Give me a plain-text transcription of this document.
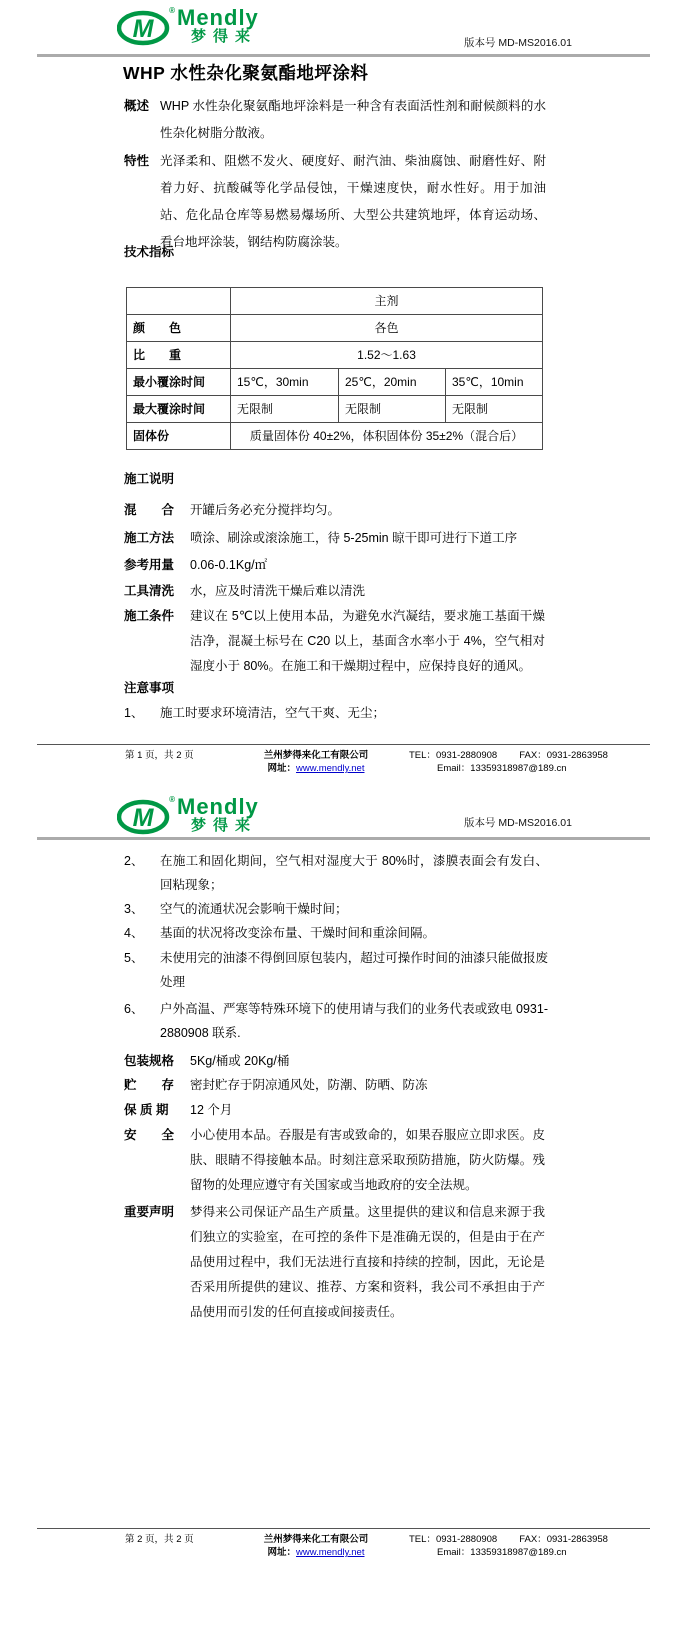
M
® Mendly
梦得来	版本号 MD-MS2016.01
WHP 水性杂化聚氨酯地坪涂料
概述 WHP 水性杂化聚氨酯地坪涂料是一种含有表面活性剂和耐候颜料的水性杂化树脂分散液。
特性 光泽柔和、阻燃不发火、硬度好、耐汽油、柴油腐蚀、耐磨性好、附着力好、抗酸碱等化学品侵蚀，干燥速度快，耐水性好。用于加油站、危化品仓库等易燃易爆场所、大型公共建筑地坪，体育运动场、看台地坪涂装，钢结构防腐涂装。
技术指标
	主剂		
颜　　色	各色		
比　　重	1.52～1.63		
最小覆涂时间	15℃，30min	25℃，20min	35℃，10min
最大覆涂时间	无限制	无限制	无限制
固体份	质量固体份 40±2%，体积固体份 35±2%（混合后）		
施工说明
混　　合	开罐后务必充分搅拌均匀。
施工方法	喷涂、刷涂或滚涂施工，待 5-25min 晾干即可进行下道工序
参考用量	0.06-0.1Kg/㎡
工具清洗	水，应及时清洗干燥后难以清洗
施工条件	建议在 5℃以上使用本品，为避免水汽凝结，要求施工基面干燥洁净，混凝土标号在 C20 以上，基面含水率小于 4%，空气相对湿度小于 80%。在施工和干燥期过程中，应保持良好的通风。
注意事项
1、	施工时要求环境清洁，空气干爽、无尘；
第 1 页，共 2 页	兰州梦得来化工有限公司
网址：www.mendly.net
TEL：0931-2880908 FAX：0931-2863958
Email：13359318987@189.cn
M
® Mendly
梦得来	版本号 MD-MS2016.01
2、	在施工和固化期间，空气相对湿度大于 80%时，漆膜表面会有发白、回粘现象；
3、	空气的流通状况会影响干燥时间；
4、	基面的状况将改变涂布量、干燥时间和重涂间隔。
5、	未使用完的油漆不得倒回原包装内，超过可操作时间的油漆只能做报废处理
6、	户外高温、严寒等特殊环境下的使用请与我们的业务代表或致电 0931-2880908 联系.
包装规格	5Kg/桶或 20Kg/桶
贮　　存	密封贮存于阴凉通风处，防潮、防晒、防冻
保 质 期	12 个月
安　　全	小心使用本品。吞服是有害或致命的，如果吞服应立即求医。皮肤、眼睛不得接触本品。时刻注意采取预防措施，防火防爆。残留物的处理应遵守有关国家或当地政府的安全法规。
重要声明	梦得来公司保证产品生产质量。这里提供的建议和信息来源于我们独立的实验室，在可控的条件下是准确无误的，但是由于在产品使用过程中，我们无法进行直接和持续的控制，因此，无论是否采用所提供的建议、推荐、方案和资料，我公司不承担由于产品使用而引发的任何直接或间接责任。
第 2 页，共 2 页	兰州梦得来化工有限公司
网址：www.mendly.net
TEL：0931-2880908 FAX：0931-2863958
Email：13359318987@189.cn
